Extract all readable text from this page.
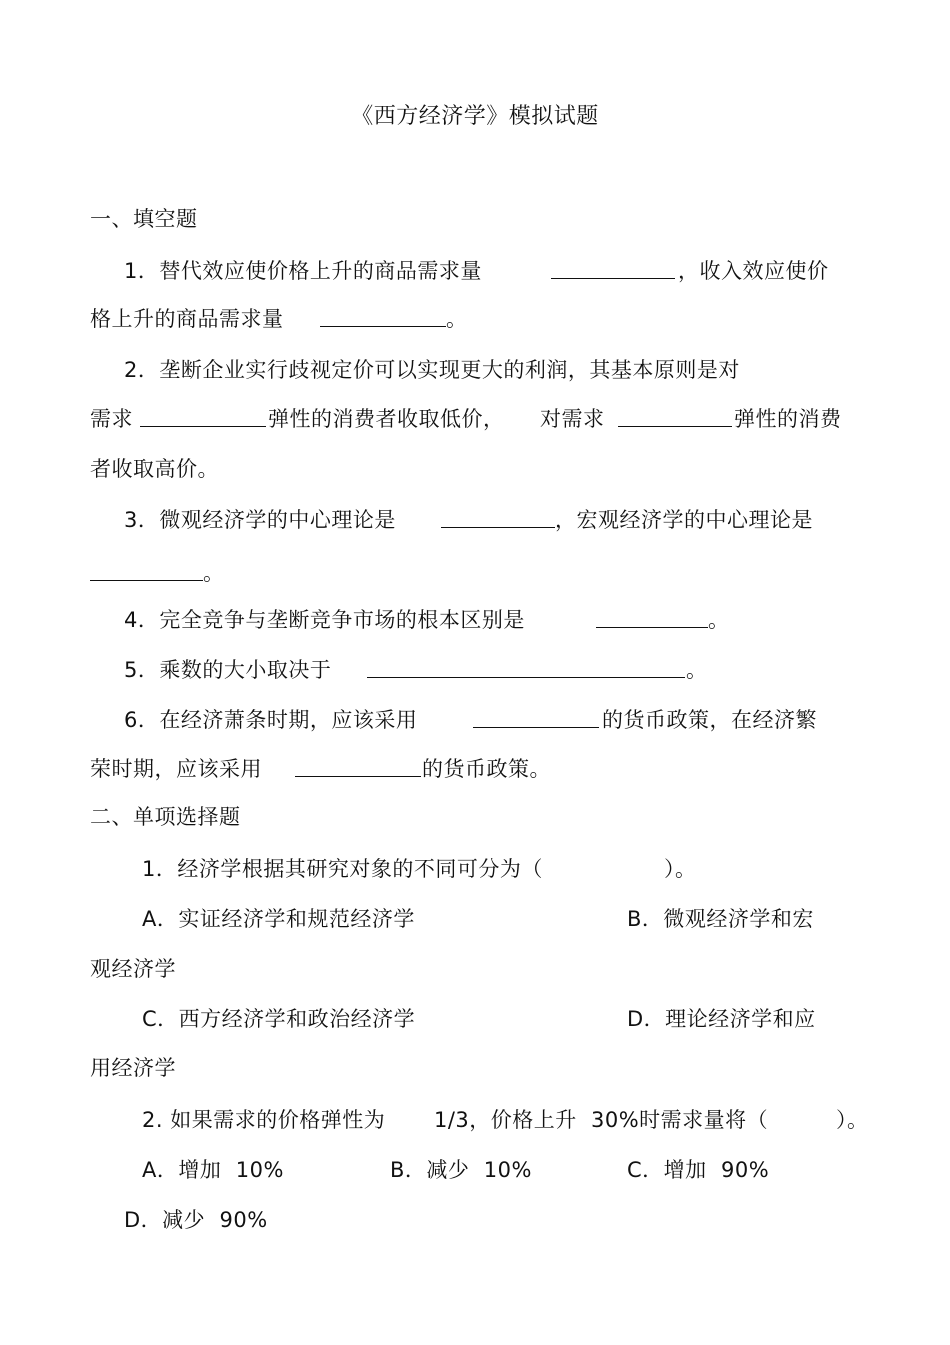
《西方经济学》模拟试题
一、填空题
1．替代效应使价格上升的商品需求量	，收入效应使价
格上升的商品需求量	。
2．垄断企业实行歧视定价可以实现更大的利润，其基本原则是对
需求	弹性的消费者收取低价， 对需求	弹性的消费
者收取高价。
3．微观经济学的中心理论是	，宏观经济学的中心理论是
。
4．完全竞争与垄断竞争市场的根本区别是	。
5．乘数的大小取决于	。
6．在经济萧条时期，应该采用	的货币政策，在经济繁
荣时期，应该采用	的货币政策。
二、单项选择题
1．经济学根据其研究对象的不同可分为（	）。
A．实证经济学和规范经济学	B．微观经济学和宏
观经济学
C．西方经济学和政治经济学	D．理论经济学和应
用经济学
2. 如果需求的价格弹性为 1/3，价格上升 30%时需求量将（	）。
A．增加  10%	B．减少  10%	C．增加  90%
D．减少  90%
